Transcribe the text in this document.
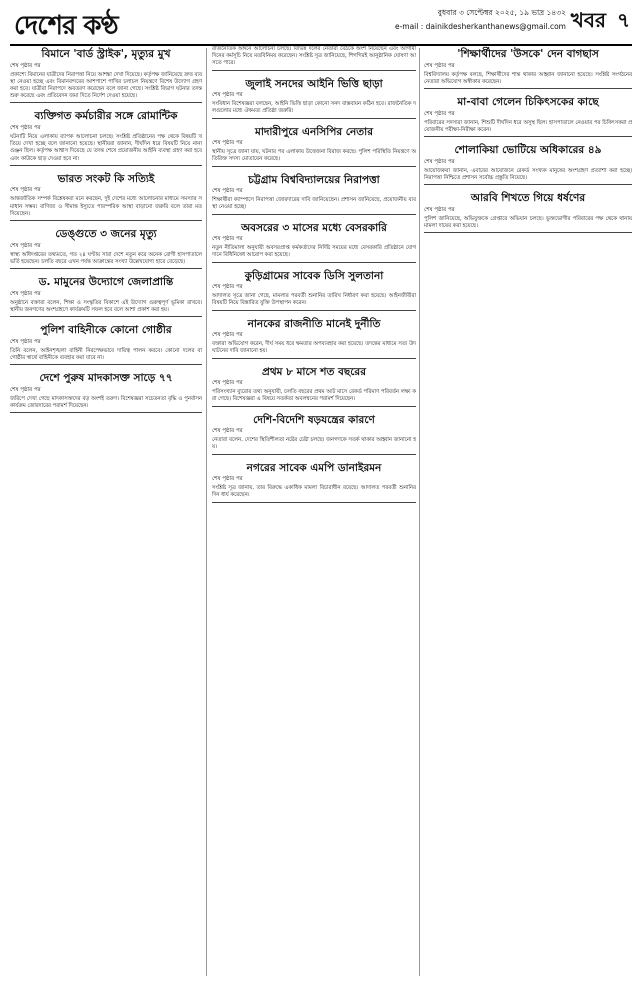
দেশের কণ্ঠ	বুধবার ৩ সেপ্টেম্বর ২০২৫, ১৯ ভাদ্র ১৪৩২
e-mail : dainikdesherkanthanews@gmail.com খবর ৭
বিমানে 'বার্ড স্ট্রাইক', মৃত্যুর মুখ
শেষ পৃষ্ঠার পর
প্রকাশ্যে বিমানের যাত্রীদের নিরাপত্তা নিয়ে আশঙ্কা দেখা দিয়েছে। কর্তৃপক্ষ জানিয়েছে দ্রুত ব্যবস্থা নেওয়া হচ্ছে এবং বিমানবন্দরের আশপাশে পাখির চলাচল নিয়ন্ত্রণে বিশেষ উদ্যোগ গ্রহণ করা হবে। যাত্রীরা নিরাপদে অবতরণ করেছেন বলে জানা গেছে। সংশ্লিষ্ট বিভাগ ঘটনার তদন্ত শুরু করেছে এবং প্রতিবেদন জমা দিতে নির্দেশ দেওয়া হয়েছে।
ব্যক্তিগত কর্মচারীর সঙ্গে রোমান্টিক
শেষ পৃষ্ঠার পর
ঘটনাটি নিয়ে এলাকায় ব্যাপক আলোচনা চলছে। সংশ্লিষ্ট প্রতিষ্ঠানের পক্ষ থেকে বিষয়টি খতিয়ে দেখা হচ্ছে বলে জানানো হয়েছে। স্থানীয়রা জানান, দীর্ঘদিন ধরে বিষয়টি নিয়ে নানা গুঞ্জন ছিল। কর্তৃপক্ষ আশ্বাস দিয়েছে যে তদন্ত শেষে প্রয়োজনীয় আইনি ব্যবস্থা গ্রহণ করা হবে এবং কাউকে ছাড় দেওয়া হবে না।
ভারত সংকট কি সত্যিই
শেষ পৃষ্ঠার পর
আন্তর্জাতিক সম্পর্ক বিশ্লেষকরা মনে করছেন, দুই দেশের মধ্যে আলোচনার মাধ্যমে সমস্যার সমাধান সম্ভব। বাণিজ্য ও সীমান্ত ইস্যুতে পারস্পরিক আস্থা বাড়ানো জরুরি বলে তারা মত দিয়েছেন।
ডেঙ্গুতে ৩ জনের মৃত্যু
শেষ পৃষ্ঠার পর
স্বাস্থ্য অধিদপ্তরের তথ্যমতে, গত ২৪ ঘণ্টায় সারা দেশে নতুন করে অনেক রোগী হাসপাতালে ভর্তি হয়েছেন। চলতি বছরে এখন পর্যন্ত আক্রান্তের সংখ্যা উল্লেখযোগ্য হারে বেড়েছে।
ড. মামুনের উদ্যোগে জেলাপ্রান্তি
শেষ পৃষ্ঠার পর
অনুষ্ঠানে বক্তারা বলেন, শিক্ষা ও সংস্কৃতির বিকাশে এই উদ্যোগ গুরুত্বপূর্ণ ভূমিকা রাখবে। স্থানীয় জনগণের অংশগ্রহণে কার্যক্রমটি সফল হবে বলে আশা প্রকাশ করা হয়।
পুলিশ বাহিনীকে কোনো গোষ্ঠীর
শেষ পৃষ্ঠার পর
তিনি বলেন, আইনশৃঙ্খলা বাহিনী নিরপেক্ষভাবে দায়িত্ব পালন করবে। কোনো দলের বা গোষ্ঠীর স্বার্থে বাহিনীকে ব্যবহার করা যাবে না।
দেশে পুরুষ মাদকাসক্ত সাড়ে ৭৭
শেষ পৃষ্ঠার পর
জরিপে দেখা গেছে মাদকাসক্তদের বড় অংশই তরুণ। বিশেষজ্ঞরা সচেতনতা বৃদ্ধি ও পুনর্বাসন কার্যক্রম জোরদারের পরামর্শ দিয়েছেন।
রাজনৈতিক অঙ্গনে আলোচনা চলছে। বিভিন্ন দলের নেতারা বৈঠকে অংশ নিয়েছেন এবং আগামী দিনের কর্মসূচি নিয়ে মতবিনিময় করেছেন। সংশ্লিষ্ট সূত্র জানিয়েছে, শিগগিরই আনুষ্ঠানিক ঘোষণা আসতে পারে।
জুলাই সনদের আইনি ভিত্তি ছাড়া
শেষ পৃষ্ঠার পর
সংবিধান বিশেষজ্ঞরা বলছেন, আইনি ভিত্তি ছাড়া কোনো সনদ বাস্তবায়ন কঠিন হবে। রাজনৈতিক দলগুলোর মধ্যে ঐকমত্য প্রতিষ্ঠা জরুরি।
মাদারীপুরে এনসিপির নেতার
শেষ পৃষ্ঠার পর
স্থানীয় সূত্রে জানা যায়, ঘটনার পর এলাকায় উত্তেজনা বিরাজ করছে। পুলিশ পরিস্থিতি নিয়ন্ত্রণে অতিরিক্ত সদস্য মোতায়েন করেছে।
চট্টগ্রাম বিশ্ববিদ্যালয়ের নিরাপত্তা
শেষ পৃষ্ঠার পর
শিক্ষার্থীরা ক্যাম্পাসে নিরাপত্তা জোরদারের দাবি জানিয়েছেন। প্রশাসন জানিয়েছে, প্রয়োজনীয় ব্যবস্থা নেওয়া হচ্ছে।
অবসরের ৩ মাসের মধ্যে বেসরকারি
শেষ পৃষ্ঠার পর
নতুন নীতিমালা অনুযায়ী অবসরপ্রাপ্ত কর্মকর্তাদের নির্দিষ্ট সময়ের মধ্যে বেসরকারি প্রতিষ্ঠানে যোগদানে বিধিনিষেধ আরোপ করা হয়েছে।
কুড়িগ্রামের সাবেক ডিসি সুলতানা
শেষ পৃষ্ঠার পর
আদালত সূত্রে জানা গেছে, মামলার পরবর্তী শুনানির তারিখ নির্ধারণ করা হয়েছে। আইনজীবীরা বিষয়টি নিয়ে বিস্তারিত যুক্তি উপস্থাপন করেন।
নানকের রাজনীতি মানেই দুর্নীতি
শেষ পৃষ্ঠার পর
বক্তারা অভিযোগ করেন, দীর্ঘ সময় ধরে ক্ষমতার অপব্যবহার করা হয়েছে। তদন্তের মাধ্যমে সত্য উদঘাটনের দাবি জানানো হয়।
প্রথম ৮ মাসে শত বছরের
শেষ পৃষ্ঠার পর
পরিসংখ্যান ব্যুরোর তথ্য অনুযায়ী, চলতি বছরের প্রথম আট মাসে রেকর্ড পরিমাণ পরিবর্তন লক্ষ্য করা গেছে। বিশেষজ্ঞরা এ বিষয়ে সতর্কতা অবলম্বনের পরামর্শ দিয়েছেন।
দেশি-বিদেশি ষড়যন্ত্রের কারণে
শেষ পৃষ্ঠার পর
নেতারা বলেন, দেশের স্থিতিশীলতা নষ্টের চেষ্টা চলছে। জনগণকে সতর্ক থাকার আহ্বান জানানো হয়।
নগরের সাবেক এমপি ডানাইরমন
শেষ পৃষ্ঠার পর
সংশ্লিষ্ট সূত্র জানায়, তার বিরুদ্ধে একাধিক মামলা বিচারাধীন রয়েছে। আদালত পরবর্তী শুনানির দিন ধার্য করেছেন।
'শিক্ষার্থীদের 'উসকে' দেন বাগছাস
শেষ পৃষ্ঠার পর
বিশ্ববিদ্যালয় কর্তৃপক্ষ বলছে, শিক্ষার্থীদের শান্ত থাকার আহ্বান জানানো হয়েছে। সংশ্লিষ্ট সংগঠনের নেতারা অভিযোগ অস্বীকার করেছেন।
মা-বাবা গেলেন চিকিৎসকের কাছে
শেষ পৃষ্ঠার পর
পরিবারের সদস্যরা জানান, শিশুটি দীর্ঘদিন ধরে অসুস্থ ছিল। হাসপাতালে নেওয়ার পর চিকিৎসকরা প্রয়োজনীয় পরীক্ষা-নিরীক্ষা করেন।
শোলাকিয়া ভোটিয়ে অধিকারের ৪৯
শেষ পৃষ্ঠার পর
আয়োজকরা জানান, এবারের আয়োজনে রেকর্ড সংখ্যক মানুষের অংশগ্রহণ প্রত্যাশা করা হচ্ছে। নিরাপত্তা নিশ্চিতে প্রশাসন সর্বোচ্চ প্রস্তুতি নিয়েছে।
আরবি শিখতে গিয়ে ধর্ষণের
শেষ পৃষ্ঠার পর
পুলিশ জানিয়েছে, অভিযুক্তকে গ্রেপ্তারে অভিযান চলছে। ভুক্তভোগীর পরিবারের পক্ষ থেকে থানায় মামলা দায়ের করা হয়েছে।
